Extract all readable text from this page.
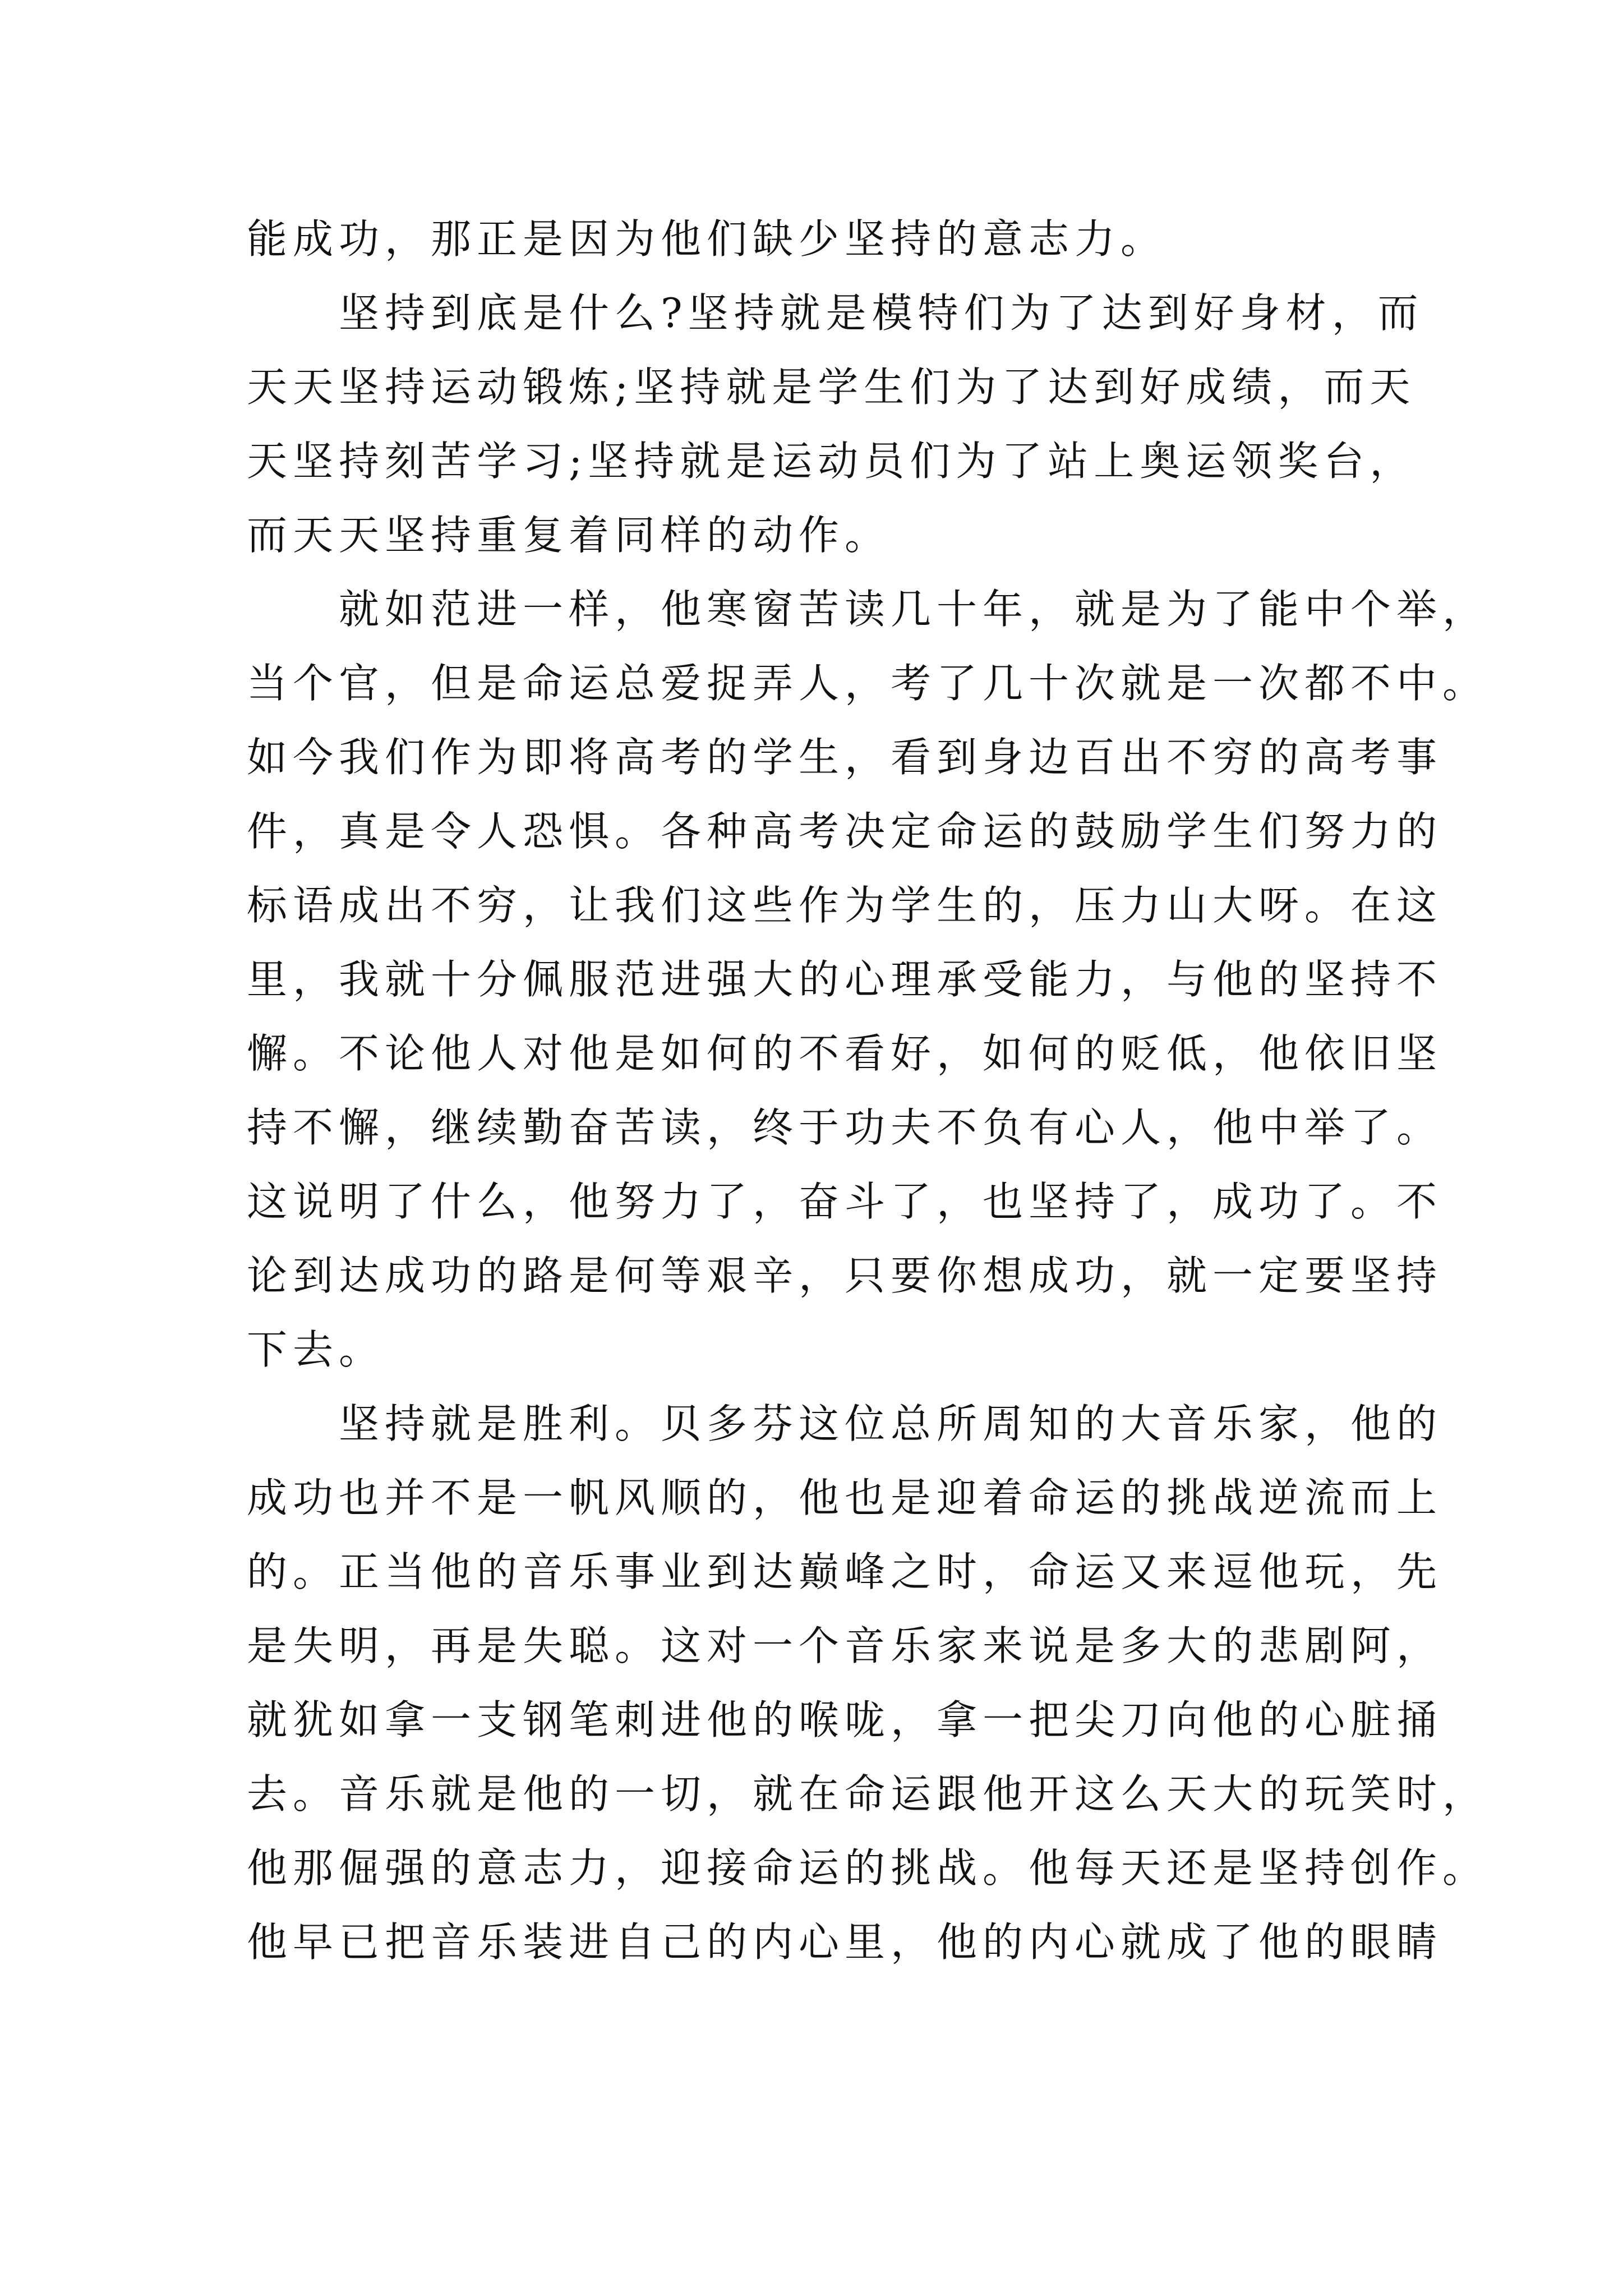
能成功，那正是因为他们缺少坚持的意志力。
　　坚持到底是什么?坚持就是模特们为了达到好身材，而
天天坚持运动锻炼;坚持就是学生们为了达到好成绩，而天
天坚持刻苦学习;坚持就是运动员们为了站上奥运领奖台，
而天天坚持重复着同样的动作。
　　就如范进一样，他寒窗苦读几十年，就是为了能中个举，
当个官，但是命运总爱捉弄人，考了几十次就是一次都不中。
如今我们作为即将高考的学生，看到身边百出不穷的高考事
件，真是令人恐惧。各种高考决定命运的鼓励学生们努力的
标语成出不穷，让我们这些作为学生的，压力山大呀。在这
里，我就十分佩服范进强大的心理承受能力，与他的坚持不
懈。不论他人对他是如何的不看好，如何的贬低，他依旧坚
持不懈，继续勤奋苦读，终于功夫不负有心人，他中举了。
这说明了什么，他努力了，奋斗了，也坚持了，成功了。不
论到达成功的路是何等艰辛，只要你想成功，就一定要坚持
下去。
　　坚持就是胜利。贝多芬这位总所周知的大音乐家，他的
成功也并不是一帆风顺的，他也是迎着命运的挑战逆流而上
的。正当他的音乐事业到达巅峰之时，命运又来逗他玩，先
是失明，再是失聪。这对一个音乐家来说是多大的悲剧阿，
就犹如拿一支钢笔刺进他的喉咙，拿一把尖刀向他的心脏捅
去。音乐就是他的一切，就在命运跟他开这么天大的玩笑时，
他那倔强的意志力，迎接命运的挑战。他每天还是坚持创作。
他早已把音乐装进自己的内心里，他的内心就成了他的眼睛
